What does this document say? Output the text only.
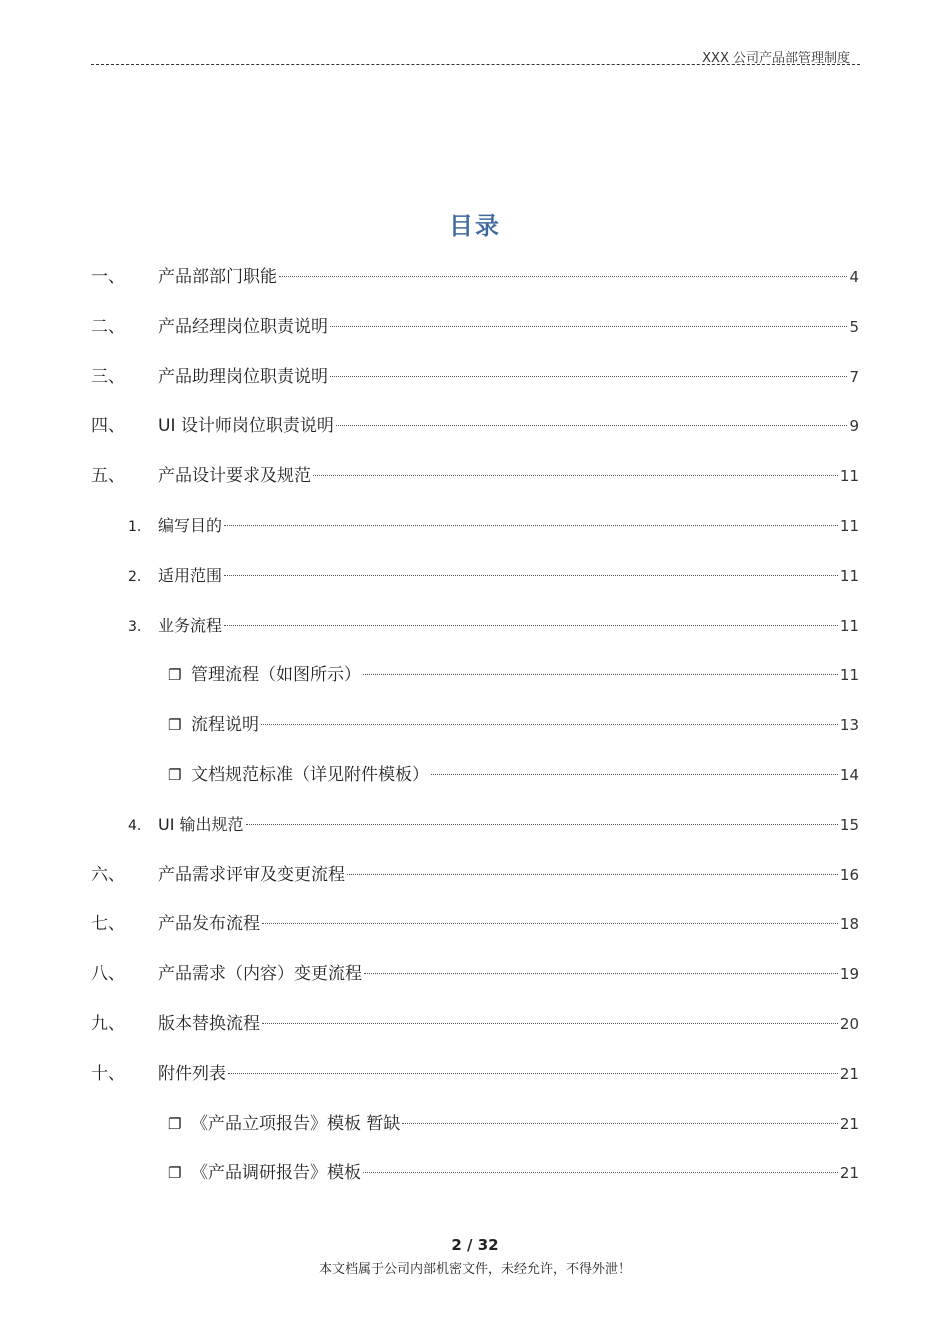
XXX 公司产品部管理制度
目录
一、	产品部部门职能	4
二、	产品经理岗位职责说明	5
三、	产品助理岗位职责说明	7
四、	UI 设计师岗位职责说明	9
五、	产品设计要求及规范	11
1.	编写目的	11
2.	适用范围	11
3.	业务流程	11
❐ 管理流程（如图所示）	11
❐ 流程说明	13
❐ 文档规范标准（详见附件模板）	14
4.	UI 输出规范	15
六、	产品需求评审及变更流程	16
七、	产品发布流程	18
八、	产品需求（内容）变更流程	19
九、	版本替换流程	20
十、	附件列表	21
❐ 《产品立项报告》模板 暂缺	21
❐ 《产品调研报告》模板	21
2 / 32
本文档属于公司内部机密文件，未经允许，不得外泄！
